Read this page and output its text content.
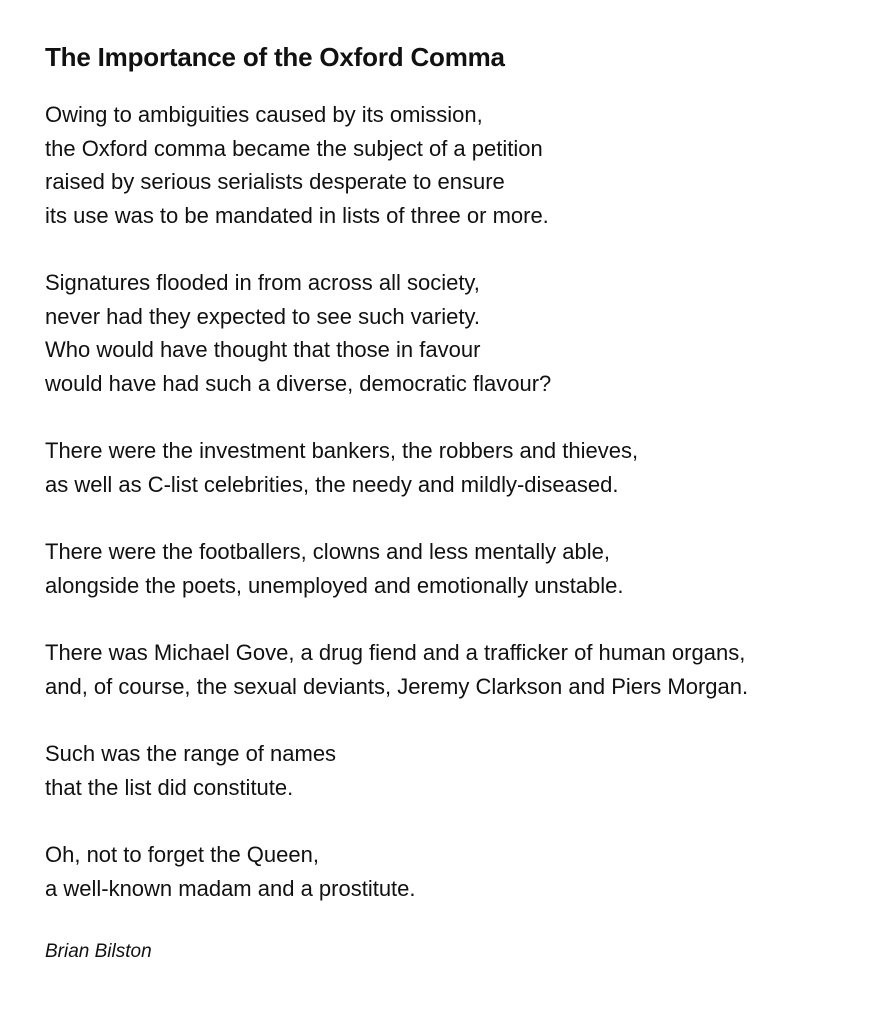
The Importance of the Oxford Comma
Owing to ambiguities caused by its omission,
the Oxford comma became the subject of a petition
raised by serious serialists desperate to ensure
its use was to be mandated in lists of three or more.
Signatures flooded in from across all society,
never had they expected to see such variety.
Who would have thought that those in favour
would have had such a diverse, democratic flavour?
There were the investment bankers, the robbers and thieves,
as well as C-list celebrities, the needy and mildly-diseased.
There were the footballers, clowns and less mentally able,
alongside the poets, unemployed and emotionally unstable.
There was Michael Gove, a drug fiend and a trafficker of human organs,
and, of course, the sexual deviants, Jeremy Clarkson and Piers Morgan.
Such was the range of names
that the list did constitute.
Oh, not to forget the Queen,
a well-known madam and a prostitute.
Brian Bilston
